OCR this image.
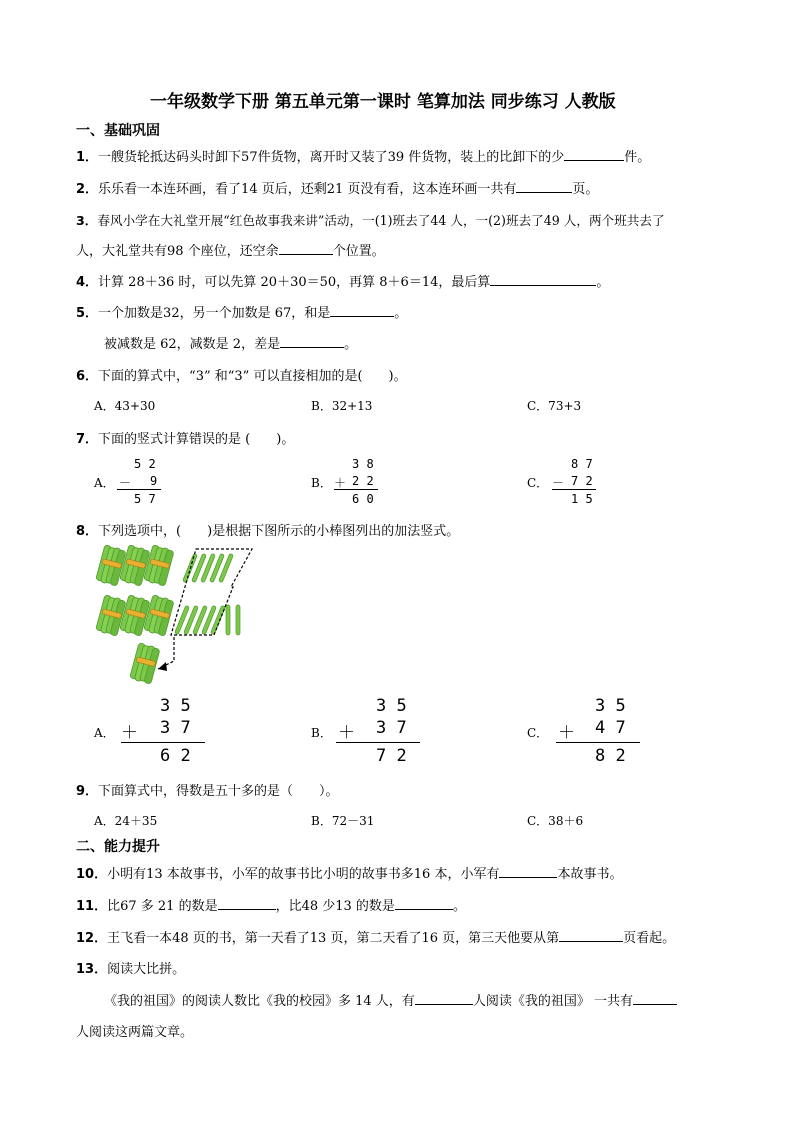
一年级数学下册 第五单元第一课时 笔算加法 同步练习 人教版
一、基础巩固
1．一艘货轮抵达码头时卸下57件货物，离开时又装了39 件货物，装上的比卸下的少	件。
2．乐乐看一本连环画，看了14 页后，还剩21 页没有看，这本连环画一共有	页。
3．春风小学在大礼堂开展“红色故事我来讲”活动，一(1)班去了44 人，一(2)班去了49 人，两个班共去了
人，大礼堂共有98 个座位，还空余	个位置。
4．计算 28＋36 时，可以先算 20＋30＝50，再算 8＋6＝14，最后算	。
5．一个加数是32，另一个加数是 67，和是	。
被减数是 62，减数是 2，差是	。
6．下面的算式中，“3” 和“3” 可以直接相加的是(　　)。
A．43+30	B．32+13	C．73+3
7．下面的竖式计算错误的是 (　　)。
A．
5 2
－ 9
5 7
B．
3 8
＋ 2 2
6 0
C．
8 7
－ 7 2
1 5
8．下列选项中，(　　)是根据下图所示的小棒图列出的加法竖式。
A．
3 5
＋ 3 7
6 2
B．
3 5
＋ 3 7
7 2
C．
3 5
＋ 4 7
8 2
9．下面算式中，得数是五十多的是（　　）。
A．24＋35	B．72－31	C．38＋6
二、能力提升
10．小明有13 本故事书，小军的故事书比小明的故事书多16 本，小军有	本故事书。
11．比67 多 21 的数是	，比48 少13 的数是	。
12．王飞看一本48 页的书，第一天看了13 页，第二天看了16 页，第三天他要从第	页看起。
13．阅读大比拼。
《我的祖国》的阅读人数比《我的校园》多 14 人，有	人阅读《我的祖国》 一共有
人阅读这两篇文章。
